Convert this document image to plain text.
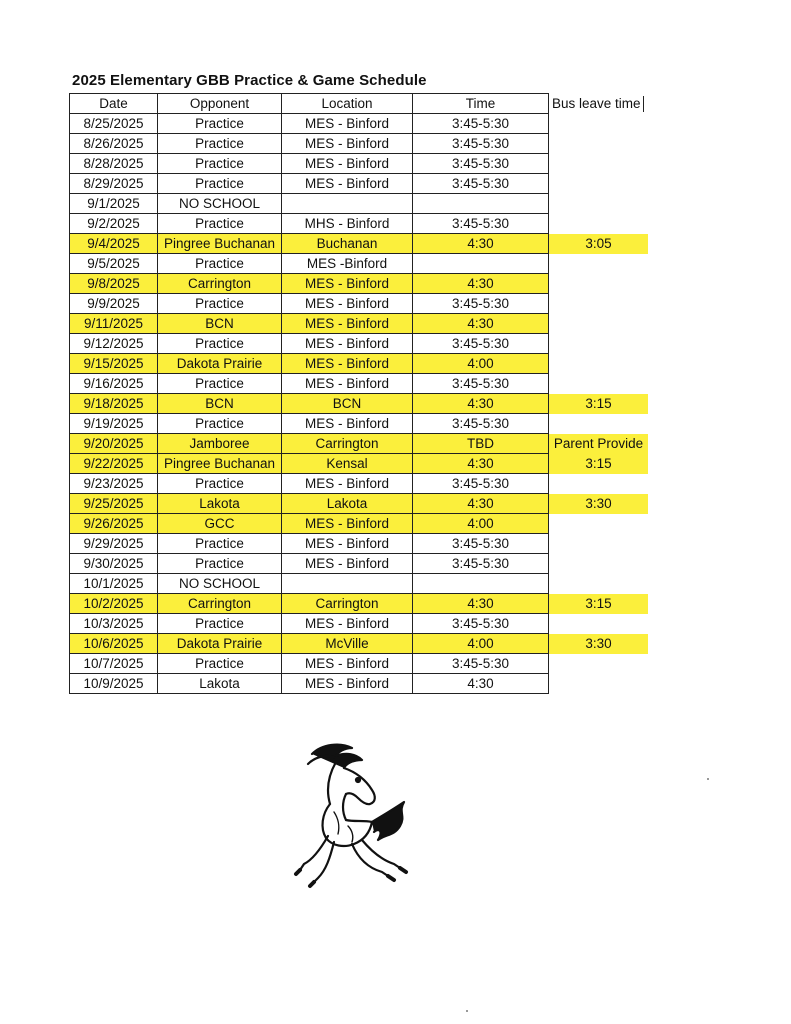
2025 Elementary GBB Practice & Game Schedule
Date	Opponent	Location	Time	Bus leave time
8/25/2025	Practice	MES - Binford	3:45-5:30	
8/26/2025	Practice	MES - Binford	3:45-5:30	
8/28/2025	Practice	MES - Binford	3:45-5:30	
8/29/2025	Practice	MES - Binford	3:45-5:30	
9/1/2025	NO SCHOOL			
9/2/2025	Practice	MHS - Binford	3:45-5:30	
9/4/2025	Pingree Buchanan	Buchanan	4:30	3:05
9/5/2025	Practice	MES -Binford		
9/8/2025	Carrington	MES - Binford	4:30	
9/9/2025	Practice	MES - Binford	3:45-5:30	
9/11/2025	BCN	MES - Binford	4:30	
9/12/2025	Practice	MES - Binford	3:45-5:30	
9/15/2025	Dakota Prairie	MES - Binford	4:00	
9/16/2025	Practice	MES - Binford	3:45-5:30	
9/18/2025	BCN	BCN	4:30	3:15
9/19/2025	Practice	MES - Binford	3:45-5:30	
9/20/2025	Jamboree	Carrington	TBD	Parent Provide
9/22/2025	Pingree Buchanan	Kensal	4:30	3:15
9/23/2025	Practice	MES - Binford	3:45-5:30	
9/25/2025	Lakota	Lakota	4:30	3:30
9/26/2025	GCC	MES - Binford	4:00	
9/29/2025	Practice	MES - Binford	3:45-5:30	
9/30/2025	Practice	MES - Binford	3:45-5:30	
10/1/2025	NO SCHOOL			
10/2/2025	Carrington	Carrington	4:30	3:15
10/3/2025	Practice	MES - Binford	3:45-5:30	
10/6/2025	Dakota Prairie	McVille	4:00	3:30
10/7/2025	Practice	MES - Binford	3:45-5:30	
10/9/2025	Lakota	MES - Binford	4:30	
